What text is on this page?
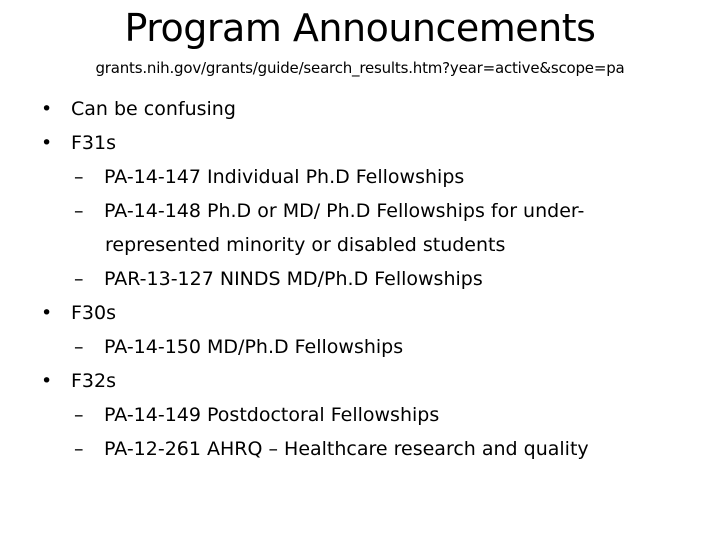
Program Announcements
grants.nih.gov/grants/guide/search_results.htm?year=active&scope=pa
• Can be confusing
• F31s
– PA-14-147 Individual Ph.D Fellowships
– PA-14-148 Ph.D or MD/ Ph.D Fellowships for under-
represented minority or disabled students
– PAR-13-127 NINDS MD/Ph.D Fellowships
• F30s
– PA-14-150 MD/Ph.D Fellowships
• F32s
– PA-14-149 Postdoctoral Fellowships
– PA-12-261 AHRQ – Healthcare research and quality
